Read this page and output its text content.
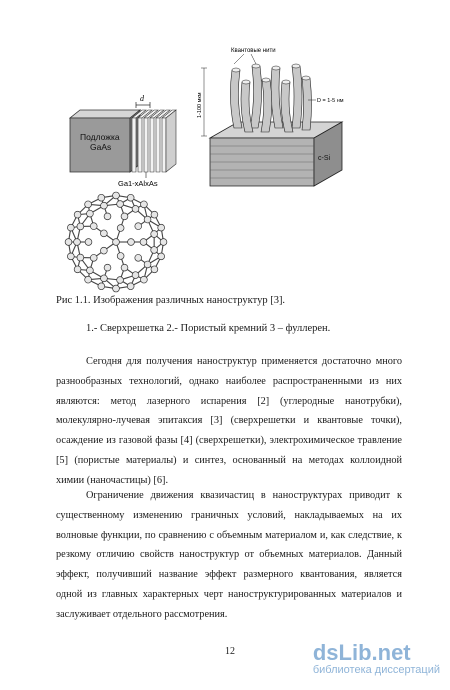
d
Подложка
GaAs
Ga1-xAlxAs
Квантовые нити
c-Si
1-100 мкм	D = 1-5 нм
Рис 1.1. Изображения различных наноструктур [3].
1.- Сверхрешетка 2.- Пористый кремний 3 – фуллерен.

Сегодня для получения наноструктур применяется достаточно много разнообразных технологий, однако наиболее распространенными из них являются: метод лазерного испарения [2] (углеродные нанотрубки), молекулярно-лучевая эпитаксия [3] (сверхрешетки и квантовые точки), осаждение из газовой фазы [4] (сверхрешетки), электрохимическое травление [5] (пористые материалы) и синтез, основанный на методах коллоидной химии (наночастицы) [6].

Ограничение движения квазичастиц в наноструктурах приводит к существенному изменению граничных условий, накладываемых на их волновые функции, по сравнению с объемным материалом и, как следствие, к резкому отличию свойств наноструктур от объемных материалов. Данный эффект, получивший название эффект размерного квантования, является одной из главных характерных черт наноструктурированных материалов и заслуживает отдельного рассмотрения.

12	dsLib.net
библиотека диссертаций
